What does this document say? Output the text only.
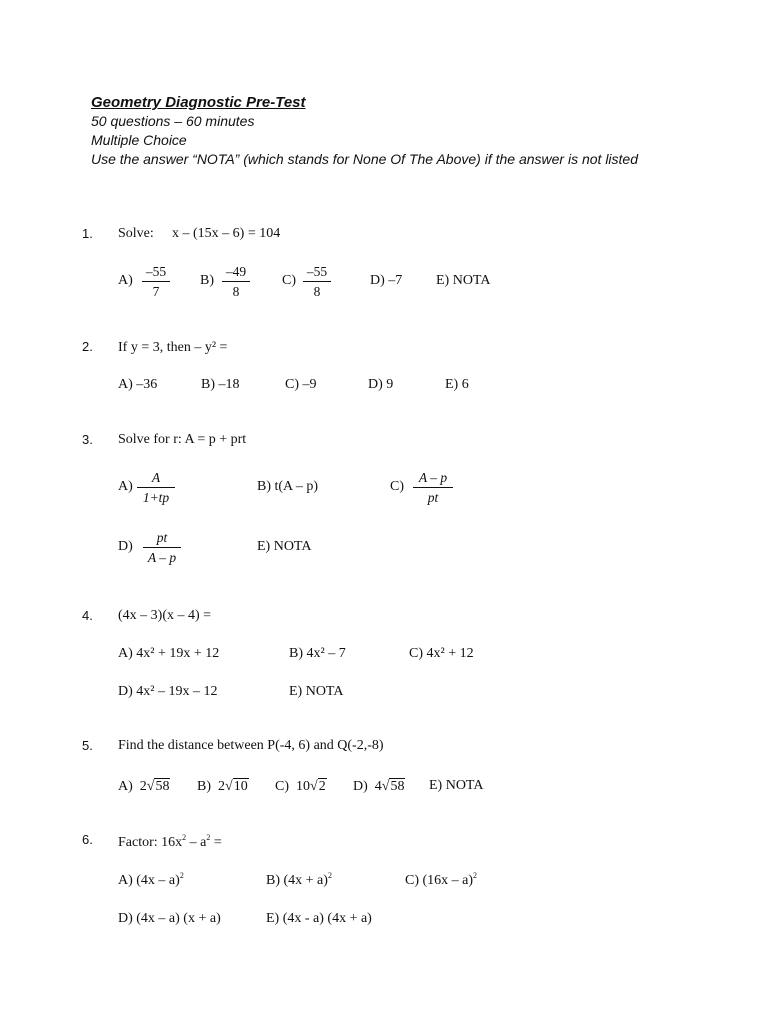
Geometry Diagnostic Pre-Test
50 questions – 60 minutes
Multiple Choice
Use the answer “NOTA” (which stands for None Of The Above) if the answer is not listed
1. Solve: x – (15x – 6) = 104
A)
–55
7
B)
–49
8
C)
–55
8
D) –7 E) NOTA
2. If y = 3, then – y² =
A) –36	B) –18	C) –9	D) 9	E) 6
3. Solve for r: A = p + prt
A)
A
1+tp
B) t(A – p)	C)
A – p
pt
D)
pt
A – p
E) NOTA
4. (4x – 3)(x – 4) =
A) 4x² + 19x + 12	B) 4x² – 7	C) 4x² + 12
D) 4x² – 19x – 12	E) NOTA
5. Find the distance between P(-4, 6) and Q(-2,-8)
A) 2√58 B) 2√10 C) 10√2 D) 4√58 E) NOTA
6. Factor: $16x^2 - a^2$ =
A) (4x – a)$^2$	B) $(4x + a)^2$	C) (16x – a)$^2$
D) (4x – a) (x + a)	E) (4x - a) (4x + a)
